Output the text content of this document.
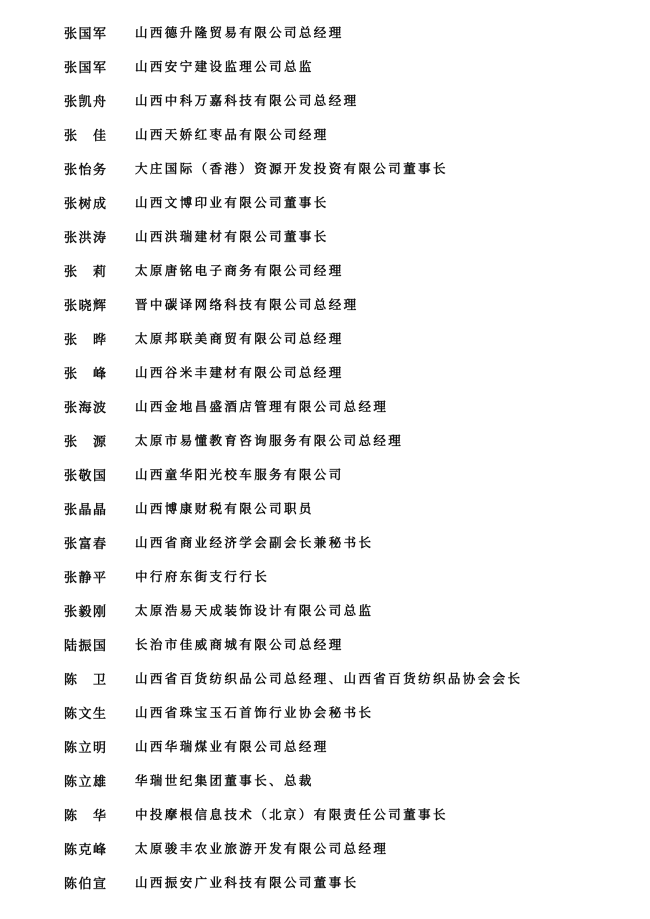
张国军	山西德升隆贸易有限公司总经理
张国军	山西安宁建设监理公司总监
张凯舟	山西中科万嘉科技有限公司总经理
张　佳	山西天娇红枣品有限公司经理
张怡务	大庄国际（香港）资源开发投资有限公司董事长
张树成	山西文博印业有限公司董事长
张洪涛	山西洪瑞建材有限公司董事长
张　莉	太原唐铭电子商务有限公司经理
张晓辉	晋中碳译网络科技有限公司总经理
张　晔	太原邦联美商贸有限公司总经理
张　峰	山西谷米丰建材有限公司总经理
张海波	山西金地昌盛酒店管理有限公司总经理
张　源	太原市易懂教育咨询服务有限公司总经理
张敬国	山西童华阳光校车服务有限公司
张晶晶	山西博康财税有限公司职员
张富春	山西省商业经济学会副会长兼秘书长
张静平	中行府东街支行行长
张毅刚	太原浩易天成装饰设计有限公司总监
陆振国	长治市佳威商城有限公司总经理
陈　卫	山西省百货纺织品公司总经理、山西省百货纺织品协会会长
陈文生	山西省珠宝玉石首饰行业协会秘书长
陈立明	山西华瑞煤业有限公司总经理
陈立雄	华瑞世纪集团董事长、总裁
陈　华	中投摩根信息技术（北京）有限责任公司董事长
陈克峰	太原骏丰农业旅游开发有限公司总经理
陈伯宣	山西振安广业科技有限公司董事长
